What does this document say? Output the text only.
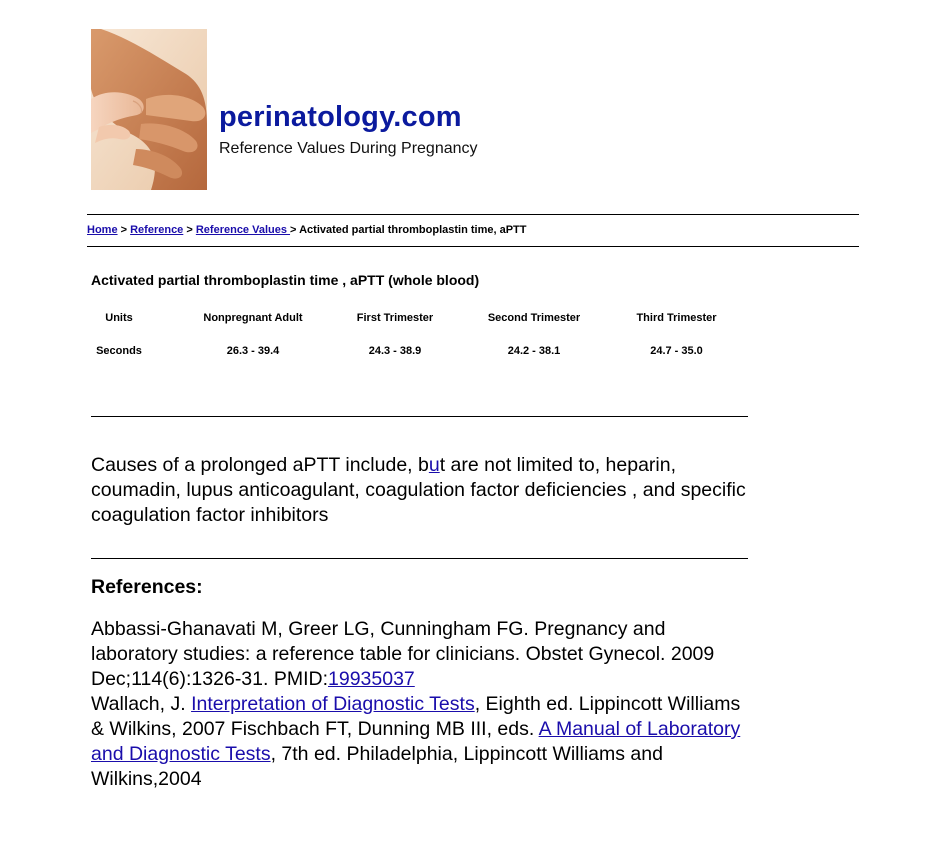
perinatology.com
Reference Values During Pregnancy
Home > Reference > Reference Values > Activated partial thromboplastin time, aPTT
Activated partial thromboplastin time , aPTT (whole blood)
Units	Nonpregnant Adult	First Trimester	Second Trimester	Third Trimester
Seconds	26.3 - 39.4	24.3 - 38.9	24.2 - 38.1	24.7 - 35.0
Causes of a prolonged aPTT include, but are not limited to, heparin, coumadin, lupus anticoagulant, coagulation factor deficiencies , and specific coagulation factor inhibitors
References:
Abbassi-Ghanavati M, Greer LG, Cunningham FG. Pregnancy and laboratory studies: a reference table for clinicians. Obstet Gynecol. 2009 Dec;114(6):1326-31. PMID:19935037
Wallach, J. Interpretation of Diagnostic Tests, Eighth ed. Lippincott Williams & Wilkins, 2007 Fischbach FT, Dunning MB III, eds. A Manual of Laboratory and Diagnostic Tests, 7th ed. Philadelphia, Lippincott Williams and Wilkins,2004
